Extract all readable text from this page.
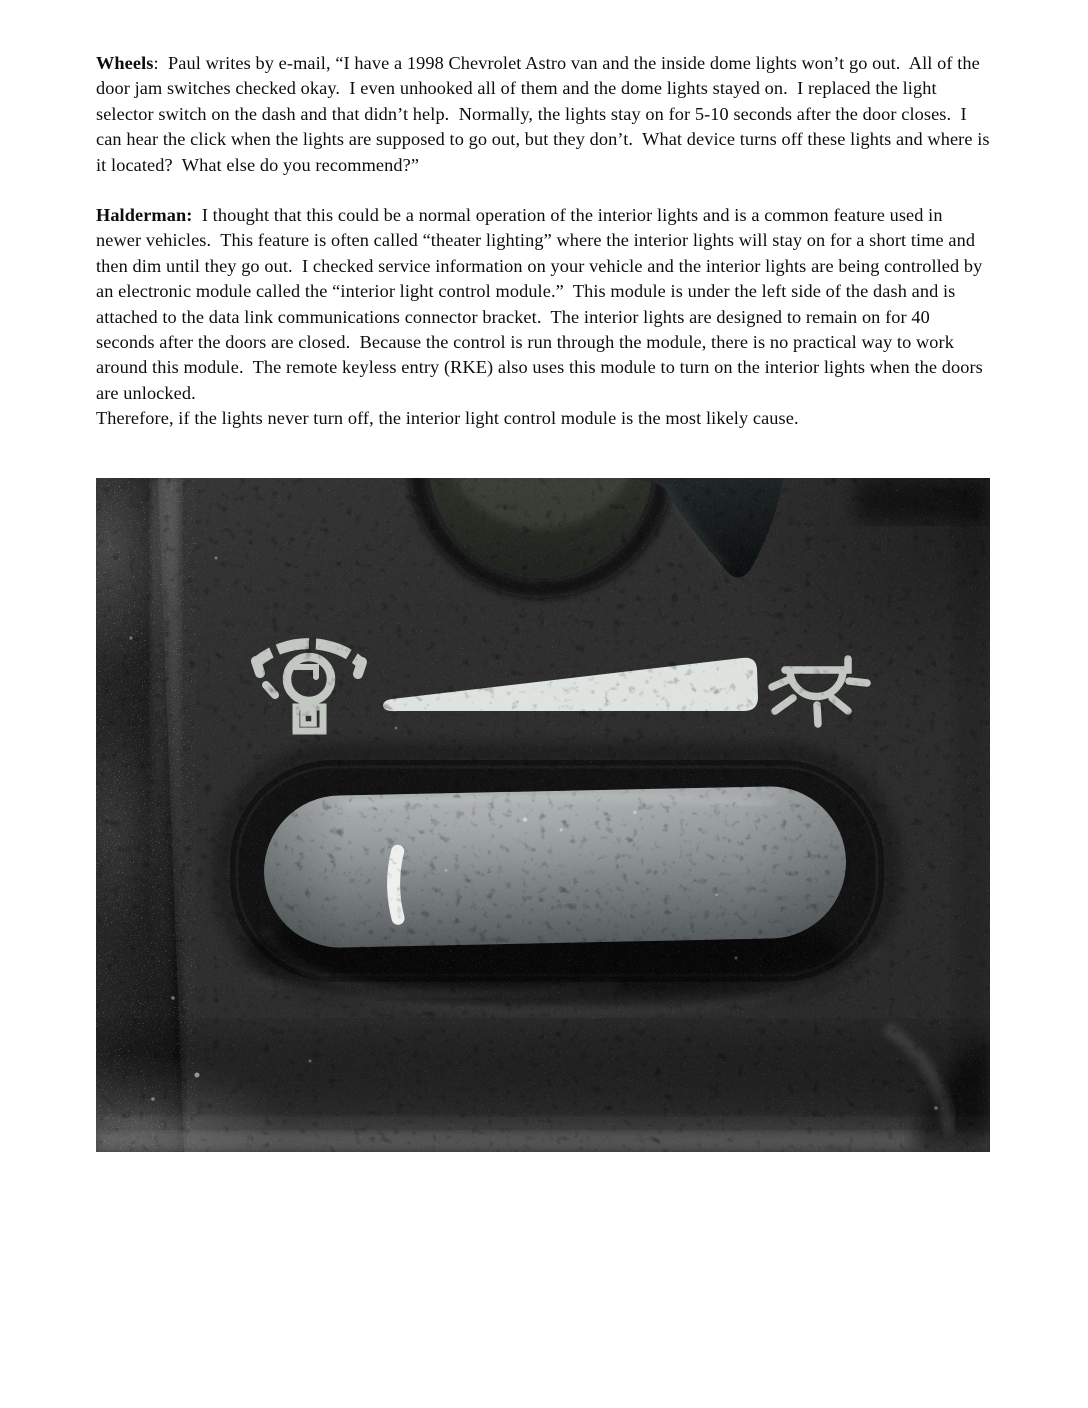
Wheels:  Paul writes by e-mail, “I have a 1998 Chevrolet Astro van and the inside dome lights won’t go out.  All of the door jam switches checked okay.  I even unhooked all of them and the dome lights stayed on.  I replaced the light selector switch on the dash and that didn’t help.  Normally, the lights stay on for 5-10 seconds after the door closes.  I can hear the click when the lights are supposed to go out, but they don’t.  What device turns off these lights and where is it located?  What else do you recommend?”

Halderman: I thought that this could be a normal operation of the interior lights and is a common feature used in newer vehicles.  This feature is often called “theater lighting” where the interior lights will stay on for a short time and then dim until they go out.  I checked service information on your vehicle and the interior lights are being controlled by an electronic module called the “interior light control module.”  This module is under the left side of the dash and is attached to the data link communications connector bracket.  The interior lights are designed to remain on for 40 seconds after the doors are closed.  Because the control is run through the module, there is no practical way to work around this module.  The remote keyless entry (RKE) also uses this module to turn on the interior lights when the doors are unlocked.

Therefore, if the lights never turn off, the interior light control module is the most likely cause.
